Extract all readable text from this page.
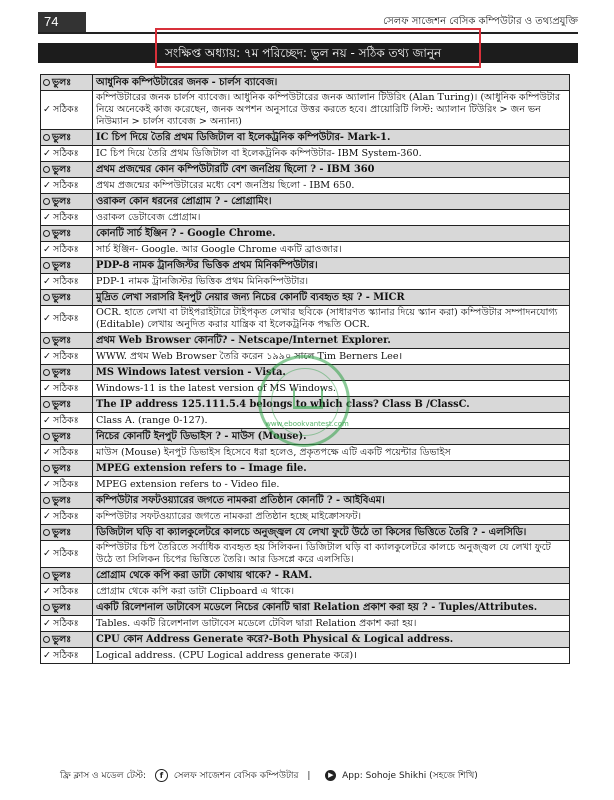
74	সেলফ সাজেশন বেসিক কম্পিউটার ও তথ্যপ্রযুক্তি
সংক্ষিপ্ত অধ্যায়: ৭ম পরিচ্ছেদ: ভুল নয় - সঠিক তথ্য জানুন
ভুলঃ	আধুনিক কম্পিউটারের জনক - চার্লস ব্যাবেজ।
✓ সঠিকঃ	কম্পিউটারের জনক চার্লস ব্যাবেজ। আধুনিক কম্পিউটারের জনক অ্যালান টিউরিং (Alan Turing)। (আধুনিক কম্পিউটার নিয়ে অনেকেই কাজ করেছেন, জনক অপশন অনুসারে উত্তর করতে হবে। প্রায়োরিটি লিস্ট: অ্যালান টিউরিং > জন ভন নিউম্যান > চার্লস ব্যাবেজ > অন্যান্য)
ভুলঃ	IC চিপ দিয়ে তৈরি প্রথম ডিজিটাল বা ইলেকট্রনিক কম্পিউটার- Mark-1.
✓ সঠিকঃ	IC চিপ দিয়ে তৈরি প্রথম ডিজিটাল বা ইলেকট্রনিক কম্পিউটার- IBM System-360.
ভুলঃ	প্রথম প্রজন্মের কোন কম্পিউটারটি বেশ জনপ্রিয় ছিলো ? - IBM 360
✓ সঠিকঃ	প্রথম প্রজন্মের কম্পিউটারের মধ্যে বেশ জনপ্রিয় ছিলো - IBM 650.
ভুলঃ	ওরাকল কোন ধরনের প্রোগ্রাম ? - প্রোগ্রামিং।
✓ সঠিকঃ	ওরাকল ডেটাবেজ প্রোগ্রাম।
ভুলঃ	কোনটি সার্চ ইঞ্জিন ? - Google Chrome.
✓ সঠিকঃ	সার্চ ইঞ্জিন- Google. আর Google Chrome একটি ব্রাওজার।
ভুলঃ	PDP-8 নামক ট্রানজিস্টর ভিত্তিক প্রথম মিনিকম্পিউটার।
✓ সঠিকঃ	PDP-1 নামক ট্রানজিস্টর ভিত্তিক প্রথম মিনিকম্পিউটার।
ভুলঃ	মুদ্রিত লেখা সরাসরি ইনপুট নেয়ার জন্য নিচের কোনটি ব্যবহৃত হয় ? - MICR
✓ সঠিকঃ	OCR. হাতে লেখা বা টাইপরাইটারে টাইপকৃত লেখার ছবিকে (সাধারণত স্ক্যানার দিয়ে স্ক্যান করা) কম্পিউটার সম্পাদনযোগ্য (Editable) লেখায় অনুদিত করার যান্ত্রিক বা ইলেকট্রনিক পদ্ধতি OCR.
ভুলঃ	প্রথম Web Browser কোনটি? - Netscape/Internet Explorer.
✓ সঠিকঃ	WWW. প্রথম Web Browser তৈরি করেন ১৯৯০ সালে Tim Berners Lee।
ভুলঃ	MS Windows latest version - Vista.
✓ সঠিকঃ	Windows-11 is the latest version of MS Windows.
ভুলঃ	The IP address 125.111.5.4 belongs to which class? Class B /ClassC.
✓ সঠিকঃ	Class A. (range 0-127).
ভুলঃ	নিচের কোনটি ইনপুট ডিভাইস ? - মাউস (Mouse).
✓ সঠিকঃ	মাউস (Mouse) ইনপুট ডিভাইস হিসেবে ধরা হলেও, প্রকৃতপক্ষে এটি একটি পয়েন্টার ডিভাইস
ভুলঃ	MPEG extension refers to – Image file.
✓ সঠিকঃ	MPEG extension refers to - Video file.
ভুলঃ	কম্পিউটার সফটওয়্যারের জগতে নামকরা প্রতিষ্ঠান কোনটি ? - আইবিএম।
✓ সঠিকঃ	কম্পিউটার সফটওয়্যারের জগতে নামকরা প্রতিষ্ঠান হচ্ছে মাইক্রোসফট।
ভুলঃ	ডিজিটাল ঘড়ি বা ক্যালকুলেটরে কালচে অনুজ্জ্বল যে লেখা ফুটে উঠে তা কিসের ভিত্তিতে তৈরি ? - এলসিডি।
✓ সঠিকঃ	কম্পিউটার চিপ তৈরিতে সর্বাধিক ব্যবহৃত হয় সিলিকন। ডিজিটাল ঘড়ি বা ক্যালকুলেটরে কালচে অনুজ্জ্বল যে লেখা ফুটে উঠে তা সিলিকন চিপের ভিত্তিতে তৈরি। আর ডিসপ্লে করে এলসিডি।
ভুলঃ	প্রোগ্রাম থেকে কপি করা ডাটা কোথায় থাকে? - RAM.
✓ সঠিকঃ	প্রোগ্রাম থেকে কপি করা ডাটা Clipboard এ থাকে।
ভুলঃ	একটি রিলেশনাল ডাটাবেস মডেলে নিচের কোনটি দ্বারা Relation প্রকাশ করা হয় ? - Tuples/Attributes.
✓ সঠিকঃ	Tables. একটি রিলেশনাল ডাটাবেস মডেলে টেবিল দ্বারা Relation প্রকাশ করা হয়।
ভুলঃ	CPU কোন Address Generate করে?-Both Physical & Logical address.
✓ সঠিকঃ	Logical address. (CPU Logical address generate করে)।
www.ebookvantest.com
ফ্রি ক্লাস ও মডেল টেস্ট: f সেলফ সাজেশন বেসিক কম্পিউটার |	▶ App: Sohoje Shikhi (সহজে শিখি)
